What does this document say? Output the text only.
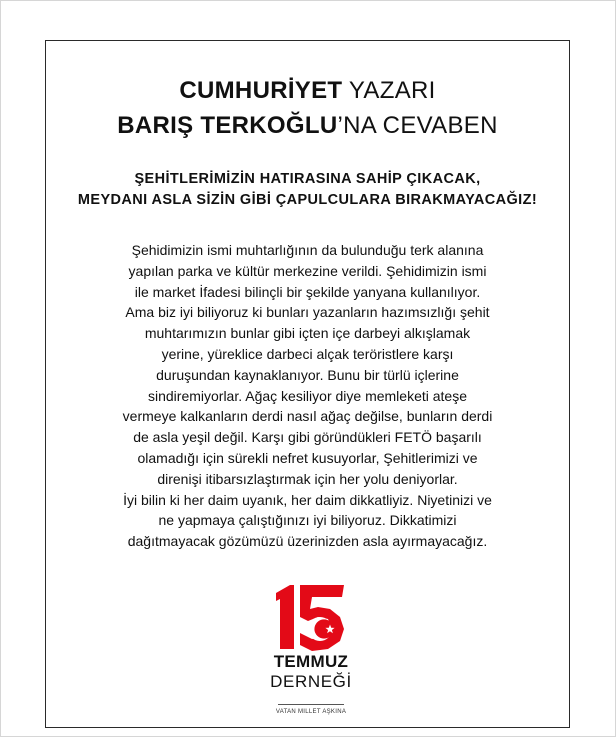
CUMHURİYET YAZARI
BARIŞ TERKOĞLU’NA CEVABEN
ŞEHİTLERİMİZİN HATIRASINA SAHİP ÇIKACAK,
MEYDANI ASLA SİZİN GİBİ ÇAPULCULARA BIRAKMAYACAĞIZ!
Şehidimizin ismi muhtarlığının da bulunduğu terk alanına
yapılan parka ve kültür merkezine verildi. Şehidimizin ismi
ile market İfadesi bilinçli bir şekilde yanyana kullanılıyor.
Ama biz iyi biliyoruz ki bunları yazanların hazımsızlığı şehit
muhtarımızın bunlar gibi içten içe darbeyi alkışlamak
yerine, yüreklice darbeci alçak teröristlere karşı
duruşundan kaynaklanıyor. Bunu bir türlü içlerine
sindiremiyorlar. Ağaç kesiliyor diye memleketi ateşe
vermeye kalkanların derdi nasıl ağaç değilse, bunların derdi
de asla yeşil değil. Karşı gibi göründükleri FETÖ başarılı
olamadığı için sürekli nefret kusuyorlar, Şehitlerimizi ve
direnişi itibarsızlaştırmak için her yolu deniyorlar.
İyi bilin ki her daim uyanık, her daim dikkatliyiz. Niyetinizi ve
ne yapmaya çalıştığınızı iyi biliyoruz. Dikkatimizi
dağıtmayacak gözümüzü üzerinizden asla ayırmayacağız.
TEMMUZ
DERNEĞİ
VATAN MILLET AŞKINA
